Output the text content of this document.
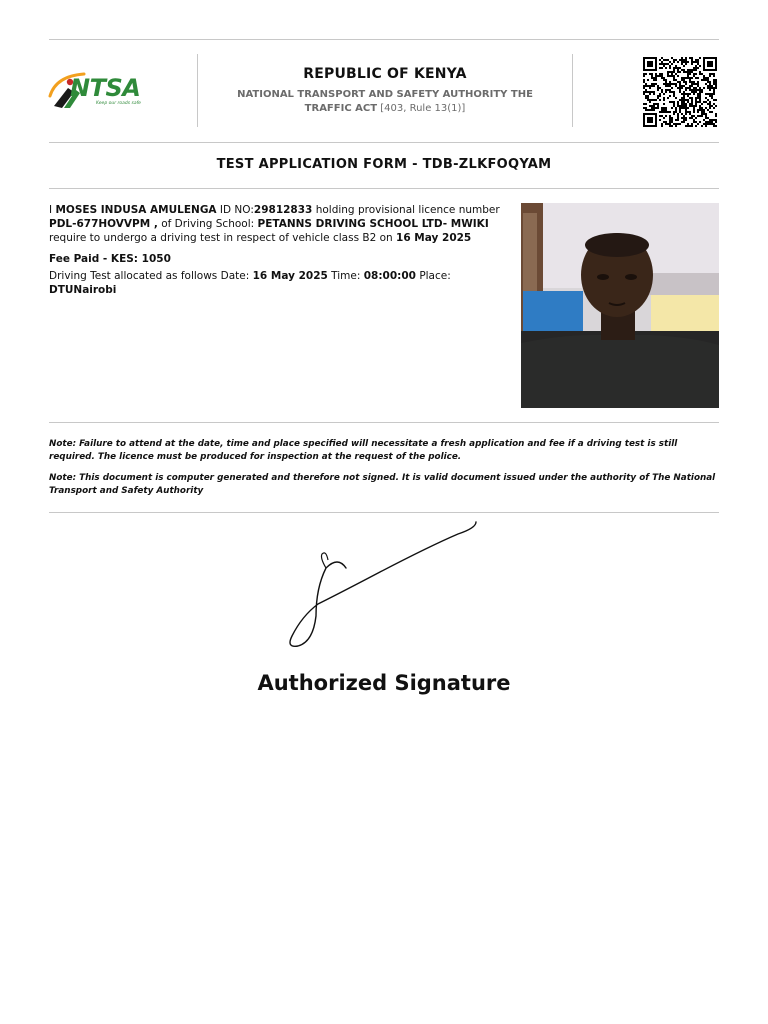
NTSA
Keep our roads safe
REPUBLIC OF KENYA
NATIONAL TRANSPORT AND SAFETY AUTHORITY THE TRAFFIC ACT [403, Rule 13(1)]
TEST APPLICATION FORM - TDB-ZLKFOQYAM
I MOSES INDUSA AMULENGA ID NO:29812833 holding provisional licence number
PDL-677HOVVPM , of Driving School: PETANNS DRIVING SCHOOL LTD- MWIKI
require to undergo a driving test in respect of vehicle class B2 on 16 May 2025
Fee Paid - KES: 1050
Driving Test allocated as follows Date: 16 May 2025 Time: 08:00:00 Place:
DTUNairobi
Note: Failure to attend at the date, time and place specified will necessitate a fresh application and fee if a driving test is still required. The licence must be produced for inspection at the request of the police.
Note: This document is computer generated and therefore not signed. It is valid document issued under the authority of The National Transport and Safety Authority
Authorized Signature
